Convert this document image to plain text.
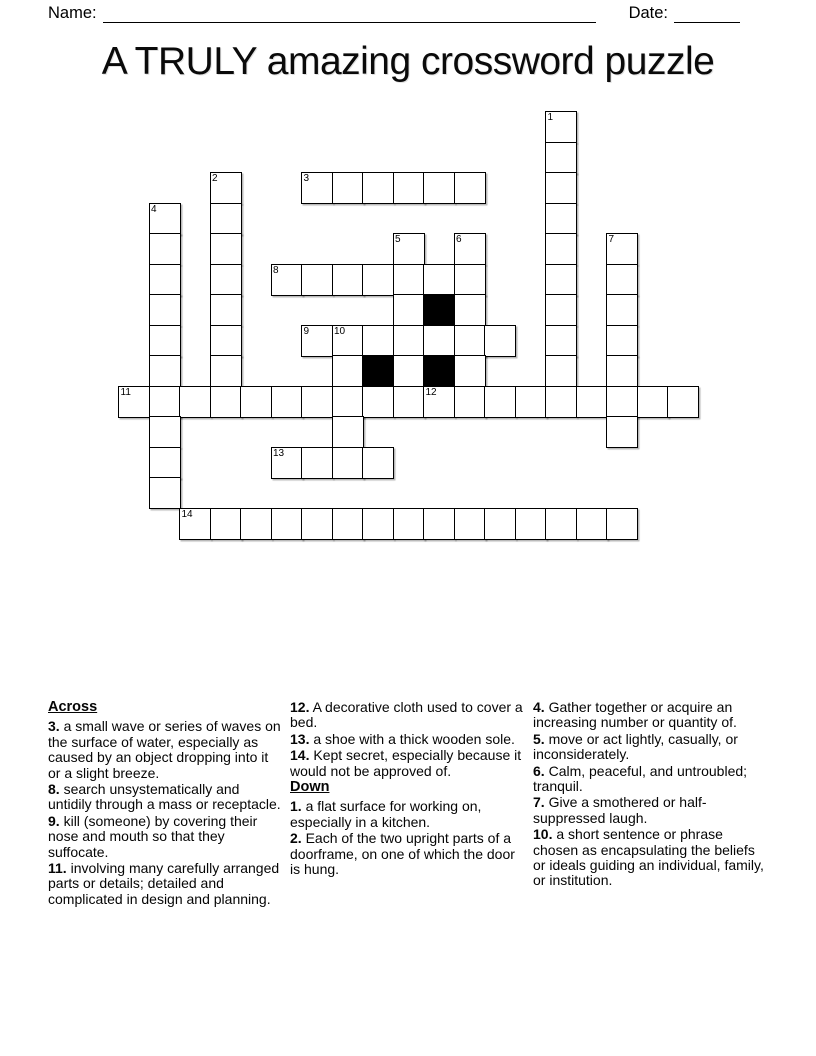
Name:	Date:
A TRULY amazing crossword puzzle
1
2	3
4
5	6	7
8
9 10
11	12
13
14
Across

3. a small wave or series of waves on the surface of water, especially as caused by an object dropping into it or a slight breeze.

8. search unsystematically and untidily through a mass or receptacle.

9. kill (someone) by covering their nose and mouth so that they suffocate.

11. involving many carefully arranged parts or details; detailed and complicated in design and planning.

12. A decorative cloth used to cover a bed.

13. a shoe with a thick wooden sole.

14. Kept secret, especially because it would not be approved of.

Down

1. a flat surface for working on, especially in a kitchen.

2. Each of the two upright parts of a doorframe, on one of which the door is hung.

4. Gather together or acquire an increasing number or quantity of.

5. move or act lightly, casually, or inconsiderately.

6. Calm, peaceful, and untroubled; tranquil.

7. Give a smothered or half-suppressed laugh.

10. a short sentence or phrase chosen as encapsulating the beliefs or ideals guiding an individual, family, or institution.
